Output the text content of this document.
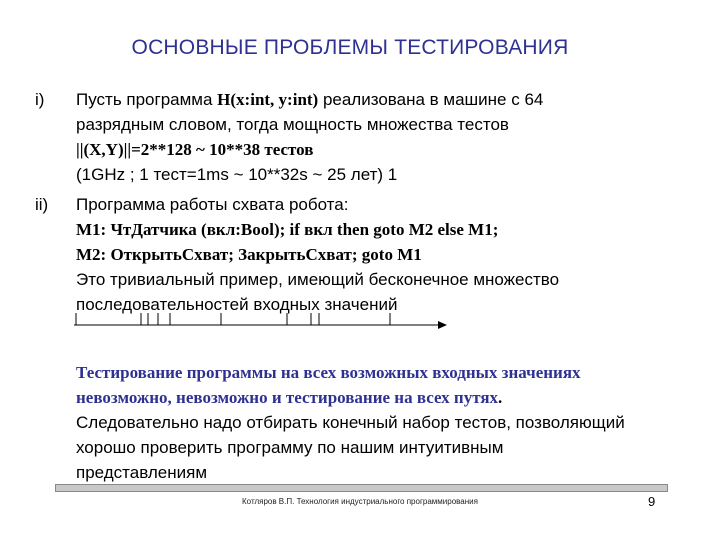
ОСНОВНЫЕ ПРОБЛЕМЫ ТЕСТИРОВАНИЯ
i) Пусть программа H(x:int, y:int) реализована в машине с 64
разрядным словом, тогда мощность множества тестов
||(X,Y)||=2**128 ~ 10**38 тестов
(1GHz ; 1 тест=1ms ~ 10**32s ~ 25 лет) 1
ii) Программа работы схвата робота:
M1: ЧтДатчика (вкл:Bool); if вкл then goto M2 else M1;
M2: ОткрытьСхват; ЗакрытьСхват; goto M1
Это тривиальный пример, имеющий бесконечное множество
последовательностей входных значений
Тестирование программы на всех возможных входных значениях
невозможно, невозможно и тестирование на всех путях.
Следовательно надо отбирать конечный набор тестов, позволяющий
хорошо проверить программу по нашим интуитивным
представлениям
Котляров В.П. Технология индустриального программирования	9
